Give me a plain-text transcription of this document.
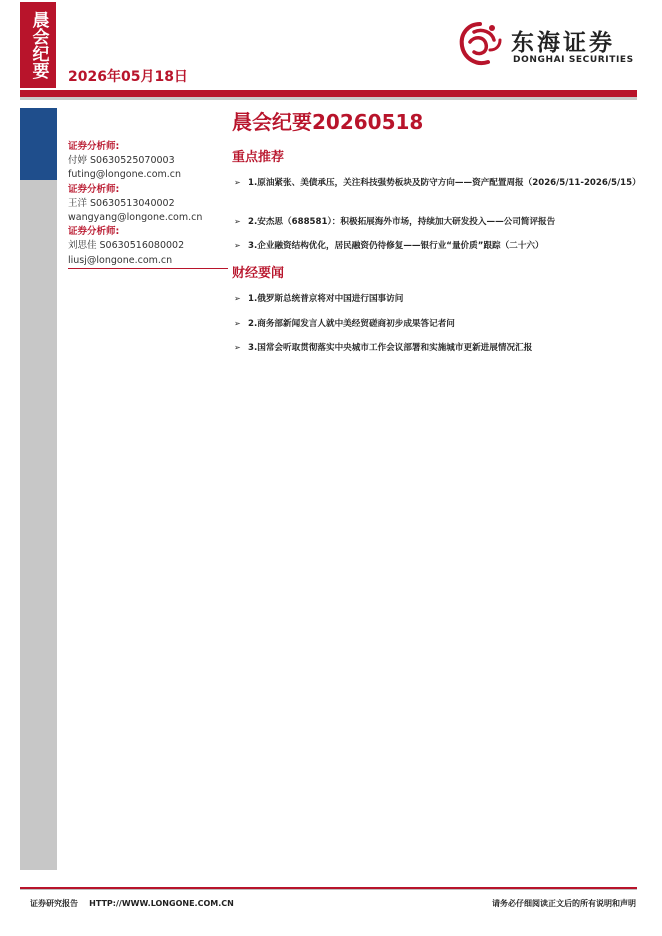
晨会纪要	2026年05月18日
东海证券
DONGHAI SECURITIES
证券分析师:
付婷 S0630525070003
futing@longone.com.cn
证券分析师:
王洋 S0630513040002
wangyang@longone.com.cn
证券分析师:
刘思佳 S0630516080002
liusj@longone.com.cn
晨会纪要20260518
重点推荐
➢ 1.原油紧张、美债承压，关注科技强势板块及防守方向——资产配置周报（2026/5/11-2026/5/15）
➢ 2.安杰思（688581）：积极拓展海外市场，持续加大研发投入——公司简评报告
➢ 3.企业融资结构优化，居民融资仍待修复——银行业“量价质”跟踪（二十六）
财经要闻
➢ 1.俄罗斯总统普京将对中国进行国事访问
➢ 2.商务部新闻发言人就中美经贸磋商初步成果答记者问
➢ 3.国常会听取贯彻落实中央城市工作会议部署和实施城市更新进展情况汇报
证券研究报告    HTTP://WWW.LONGONE.COM.CN	请务必仔细阅读正文后的所有说明和声明
